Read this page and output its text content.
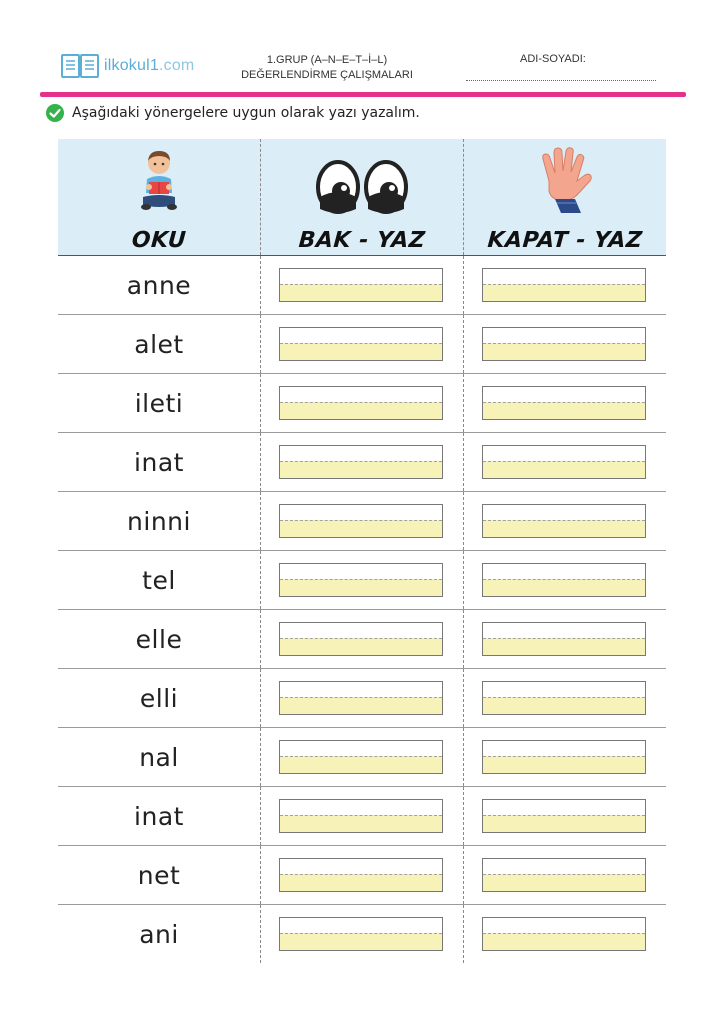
ilkokul1.com	1.GRUP (A–N–E–T–İ–L)
DEĞERLENDİRME ÇALIŞMALARI
ADI-SOYADI:
Aşağıdaki yönergelere uygun olarak yazı yazalım.
OKU	BAK - YAZ	KAPAT - YAZ
anne
alet
ileti
inat
ninni
tel
elle
elli
nal
inat
net
ani
